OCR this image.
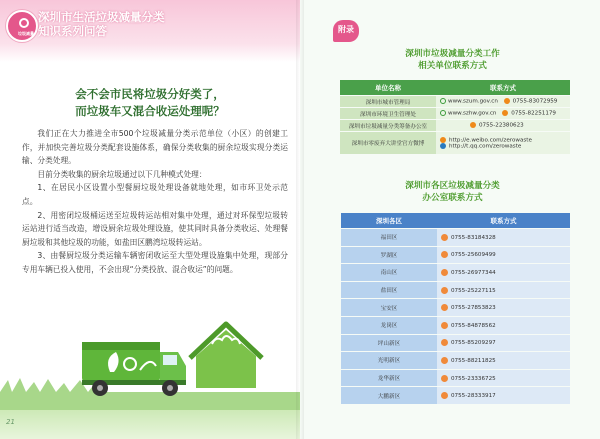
垃圾减量
深圳市生活垃圾减量分类
知识系列问答
会不会市民将垃圾分好类了，
而垃圾车又混合收运处理呢？

我们正在大力推进全市500个垃圾减量分类示范单位（小区）的创建工作，并加快完善垃圾分类配套设施体系，确保分类收集的厨余垃圾实现分类运输、分类处理。

目前分类收集的厨余垃圾通过以下几种模式处理：

1、在居民小区设置小型餐厨垃圾处理设备就地处理，如市环卫处示范点。

2、用密闭垃圾桶运送至垃圾转运站相对集中处理，通过对环保型垃圾转运站进行适当改造，增设厨余垃圾处理设施，使其同时具备分类收运、处理餐厨垃圾和其他垃圾的功能，如盐田区鹏湾垃圾转运站。

3、由餐厨垃圾分类运输车辆密闭收运至大型处理设施集中处理，现部分专用车辆已投入使用，不会出现“分类投放、混合收运”的问题。

21
附录
深圳市垃圾减量分类工作
相关单位联系方式
单位名称	联系方式
深圳市城市管理局	www.szum.gov.cn 0755-83072959
深圳市环境卫生管理处	www.szhw.gov.cn 0755-82251179
深圳市垃圾减量分类筹备办公室	0755-22380623
深圳市零废弃大讲堂官方微博	http://e.weibo.com/zerowaste
http://t.qq.com/zerowaste
深圳市各区垃圾减量分类
办公室联系方式
深圳各区	联系方式
福田区	0755-83184328
罗湖区	0755-25609499
南山区	0755-26977344
盐田区	0755-25227115
宝安区	0755-27853823
龙岗区	0755-84878562
坪山新区	0755-85209297
光明新区	0755-88211825
龙华新区	0755-23336725
大鹏新区	0755-28333917
